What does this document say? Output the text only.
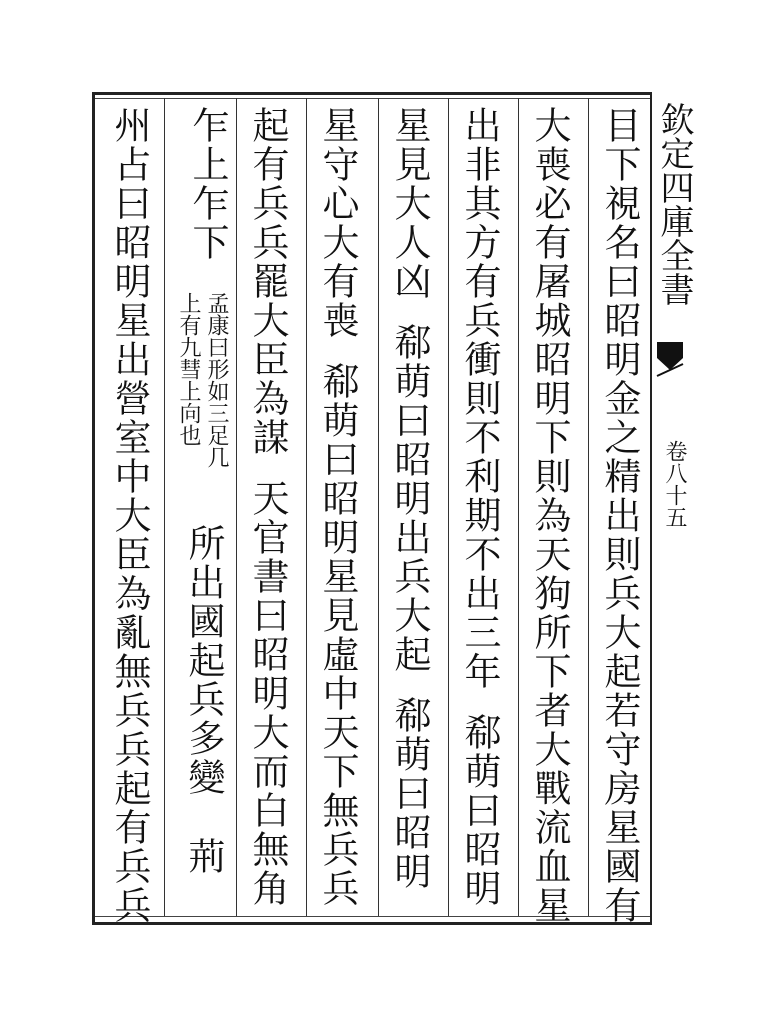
欽定四庫全書
卷八十五
目下視名曰昭明金之精出則兵大起若守房星國有
大喪必有屠城昭明下則為天狗所下者大戰流血星
出非其方有兵衝則不利期不出三年郗萌曰昭明
星見大人凶郗萌曰昭明出兵大起郗萌曰昭明
星守心大有喪郗萌曰昭明星見虛中天下無兵兵
起有兵兵罷大臣為謀天官書曰昭明大而白無角
乍上乍下
孟康曰形如三足几
上有九彗上向也
所出國起兵多變荊
州占曰昭明星出營室中大臣為亂無兵兵起有兵兵
